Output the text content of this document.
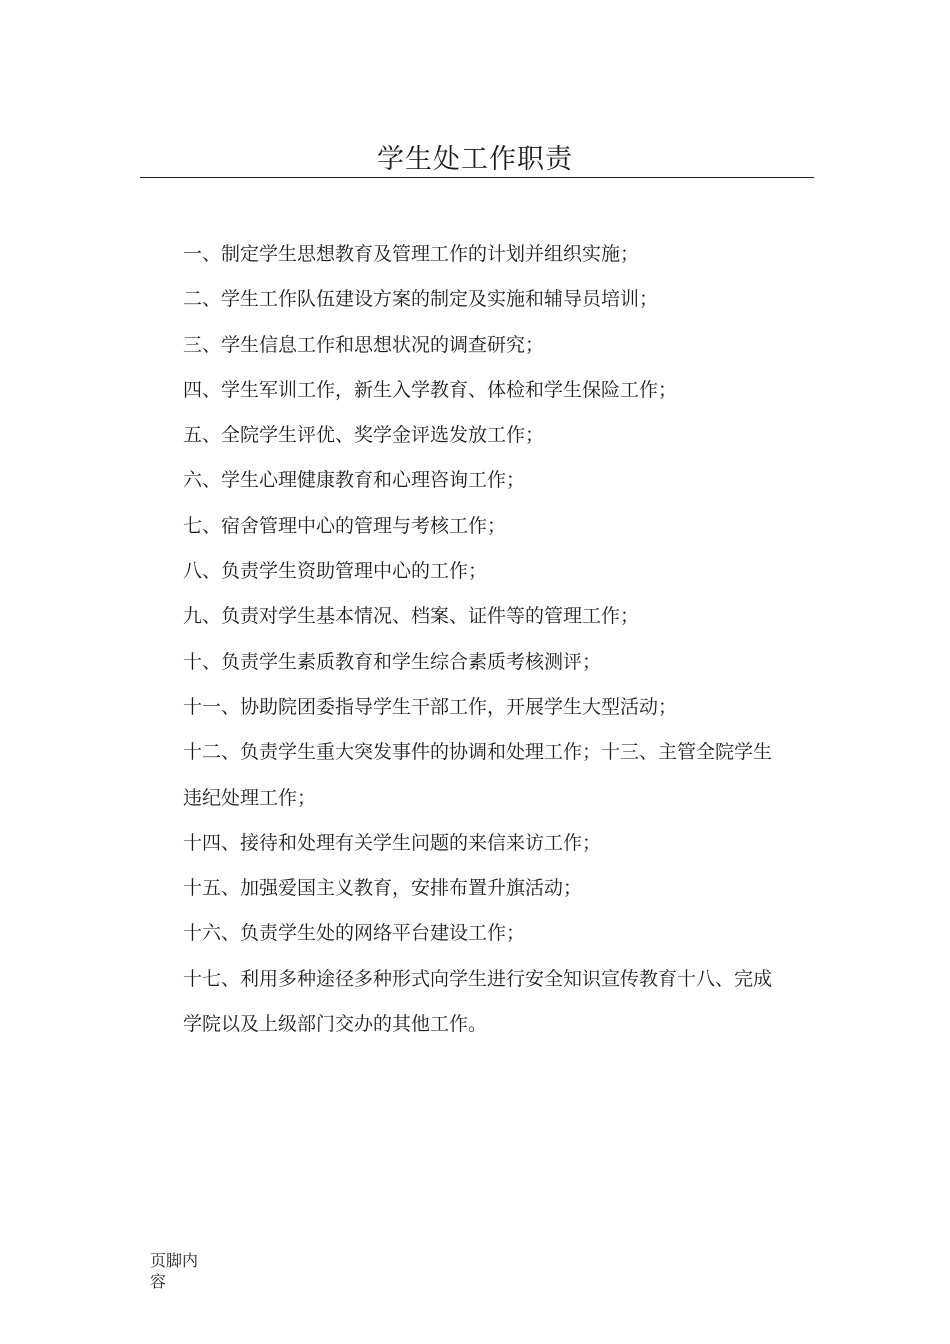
学生处工作职责
一、制定学生思想教育及管理工作的计划并组织实施；
二、学生工作队伍建设方案的制定及实施和辅导员培训；
三、学生信息工作和思想状况的调查研究；
四、学生军训工作，新生入学教育、体检和学生保险工作；
五、全院学生评优、奖学金评选发放工作；
六、学生心理健康教育和心理咨询工作；
七、宿舍管理中心的管理与考核工作；
八、负责学生资助管理中心的工作；
九、负责对学生基本情况、档案、证件等的管理工作；
十、负责学生素质教育和学生综合素质考核测评；
十一、协助院团委指导学生干部工作，开展学生大型活动；
十二、负责学生重大突发事件的协调和处理工作；十三、主管全院学生
违纪处理工作；
十四、接待和处理有关学生问题的来信来访工作；
十五、加强爱国主义教育，安排布置升旗活动；
十六、负责学生处的网络平台建设工作；
十七、利用多种途径多种形式向学生进行安全知识宣传教育十八、完成
学院以及上级部门交办的其他工作。
页脚内
容
